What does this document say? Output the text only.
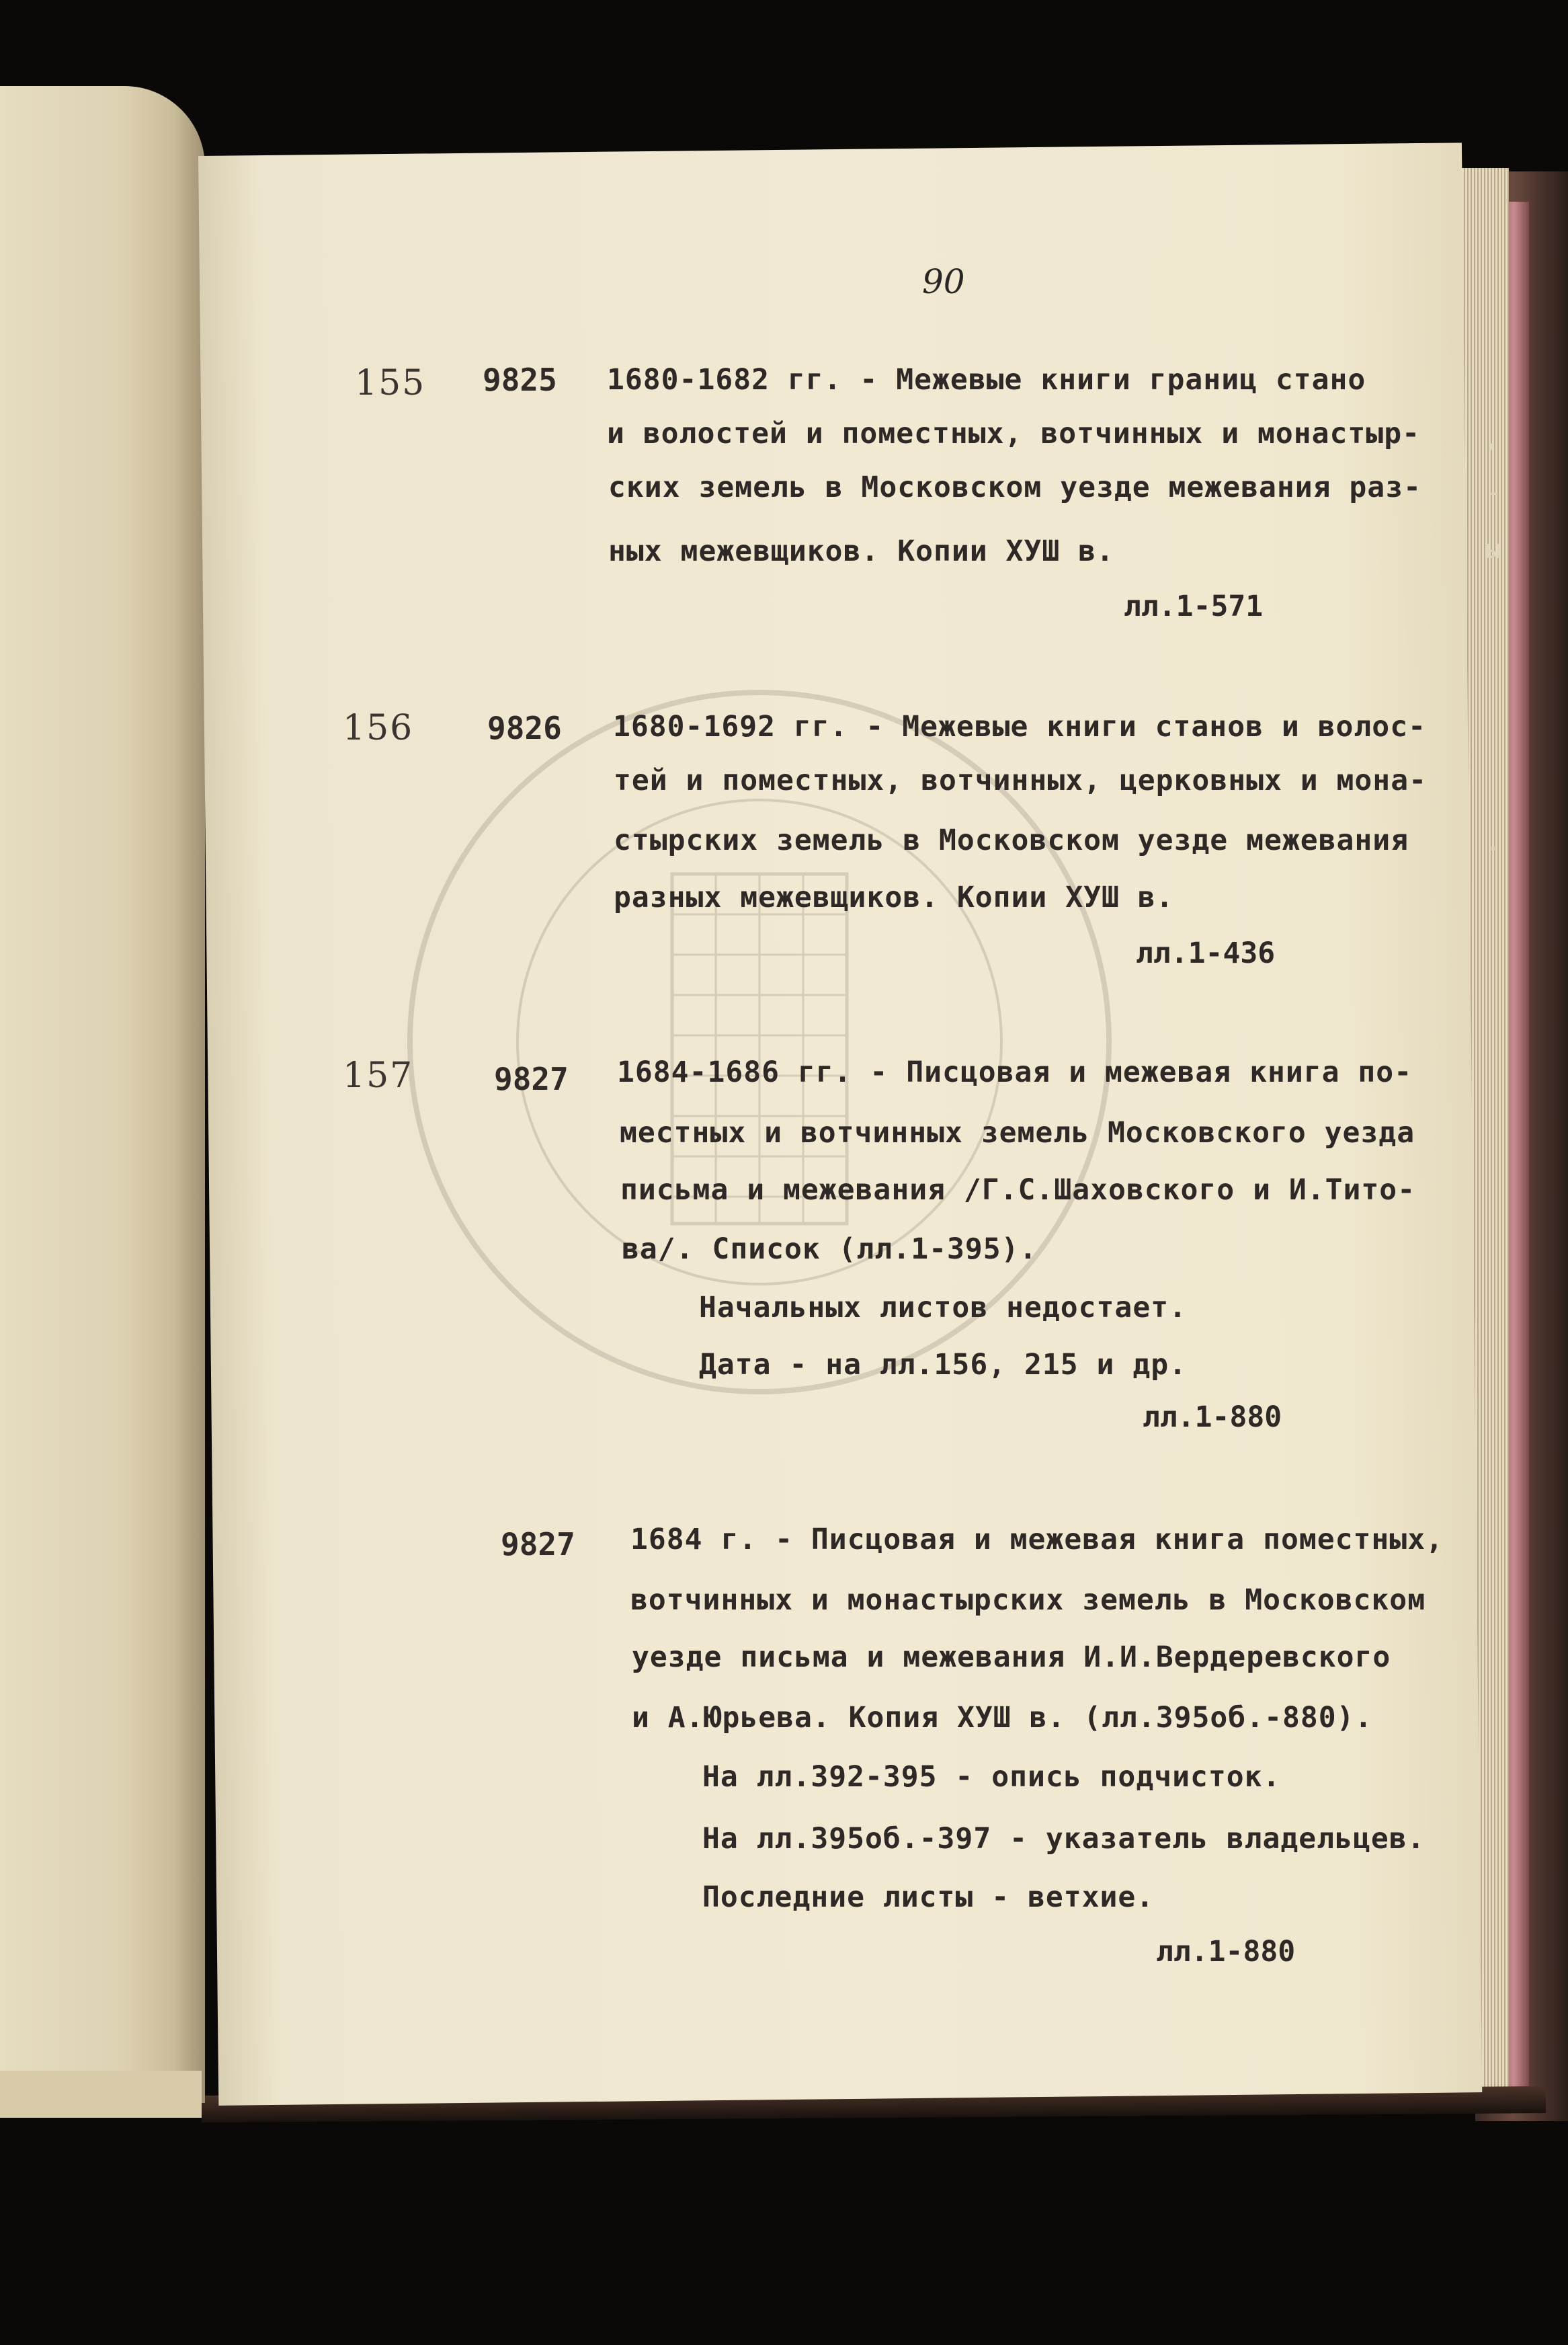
90
155 9825 1680-1682 гг. - Межевые книги границ стано
и волостей и поместных, вотчинных и монастыр-
ских земель в Московском уезде межевания раз-
ных межевщиков. Копии ХУШ в.
лл.1-571
156 9826 1680-1692 гг. - Межевые книги станов и волос-
тей и поместных, вотчинных, церковных и мона-
стырских земель в Московском уезде межевания
разных межевщиков. Копии ХУШ в.
лл.1-436
157	9827 1684-1686 гг. - Писцовая и межевая книга по-
местных и вотчинных земель Московского уезда
письма и межевания /Г.С.Шаховского и И.Тито-
ва/. Список (лл.1-395).
Начальных листов недостает.
Дата - на лл.156, 215 и др.
лл.1-880
9827 1684 г. - Писцовая и межевая книга поместных,
вотчинных и монастырских земель в Московском
уезде письма и межевания И.И.Вердеревского
и А.Юрьева. Копия ХУШ в. (лл.395об.-880).
На лл.392-395 - опись подчисток.
На лл.395об.-397 - указатель владельцев.
Последние листы - ветхие.
лл.1-880
,
-
ы
.
